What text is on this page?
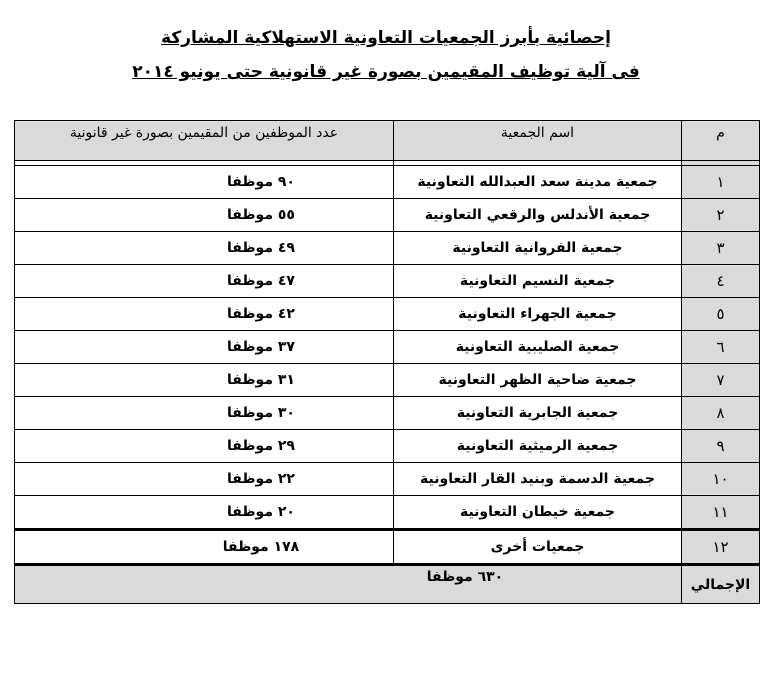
إحصائية بأبرز الجمعيات التعاونية الاستهلاكية المشاركة
فى آلية توظيف المقيمين بصورة غير قانونية حتى يونيو ٢٠١٤
م	اسم الجمعية	عدد الموظفين من المقيمين بصورة غير قانونية

١	جمعية مدينة سعد العبدالله التعاونية	٩٠ موظفا
٢	جمعية الأندلس والرقعي التعاونية	٥٥ موظفا
٣	جمعية الفروانية التعاونية	٤٩ موظفا
٤	جمعية النسيم التعاونية	٤٧ موظفا
٥	جمعية الجهراء التعاونية	٤٢ موظفا
٦	جمعية الصليبية التعاونية	٣٧ موظفا
٧	جمعية ضاحية الظهر التعاونية	٣١ موظفا
٨	جمعية الجابرية التعاونية	٣٠ موظفا
٩	جمعية الرميثية التعاونية	٢٩ موظفا
١٠	جمعية الدسمة وبنيد القار التعاونية	٢٢ موظفا
١١	جمعية خيطان التعاونية	٢٠ موظفا
١٢	جمعيات أخرى	١٧٨ موظفا
الإجمالي	٦٣٠ موظفا	
